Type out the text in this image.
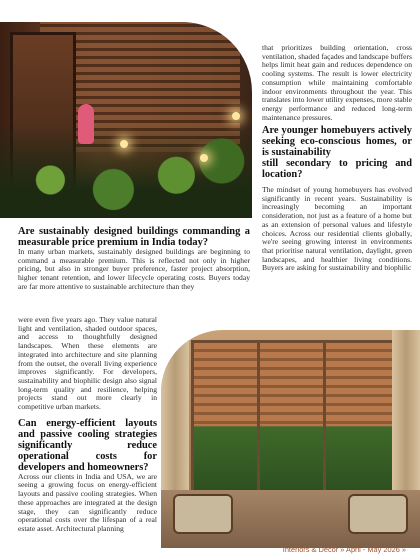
that prioritizes building orientation, cross ventilation, shaded façades and landscape buffers helps limit heat gain and reduces dependence on cooling systems. The result is lower electricity consumption while maintaining comfortable indoor environments throughout the year. This translates into lower utility expenses, more stable energy performance and reduced long-term maintenance pressures.

Are younger homebuyers actively seeking eco-conscious homes, or is sustainability

still secondary to pricing and location?

The mindset of young homebuyers has evolved significantly in recent years. Sustainability is increasingly becoming an important consideration, not just as a feature of a home but as an extension of personal values and lifestyle choices. Across our residential clients globally, we're seeing growing interest in environments that prioritise natural ventilation, daylight, green landscapes, and healthier living conditions. Buyers are asking for sustainability and biophilic

Are sustainably designed buildings commanding a measurable price premium in India today?

In many urban markets, sustainably designed buildings are beginning to command a measurable premium. This is reflected not only in higher pricing, but also in stronger buyer preference, faster project absorption, higher tenant retention, and lower lifecycle operating costs. Buyers today are far more attentive to sustainable architecture than they

were even five years ago. They value natural light and ventilation, shaded outdoor spaces, and access to thoughtfully designed landscapes. When these elements are integrated into architecture and site planning from the outset, the overall living experience improves significantly. For developers, sustainability and biophilic design also signal long-term quality and resilience, helping projects stand out more clearly in competitive urban markets.

Can energy-efficient layouts and passive cooling strategies significantly reduce operational costs for developers and homeowners?

Across our clients in India and USA, we are seeing a growing focus on energy-efficient layouts and passive cooling strategies. When these approaches are integrated at the design stage, they can significantly reduce operational costs over the lifespan of a real estate asset. Architectural planning

Interiors & Décor » April - May 2026 »
